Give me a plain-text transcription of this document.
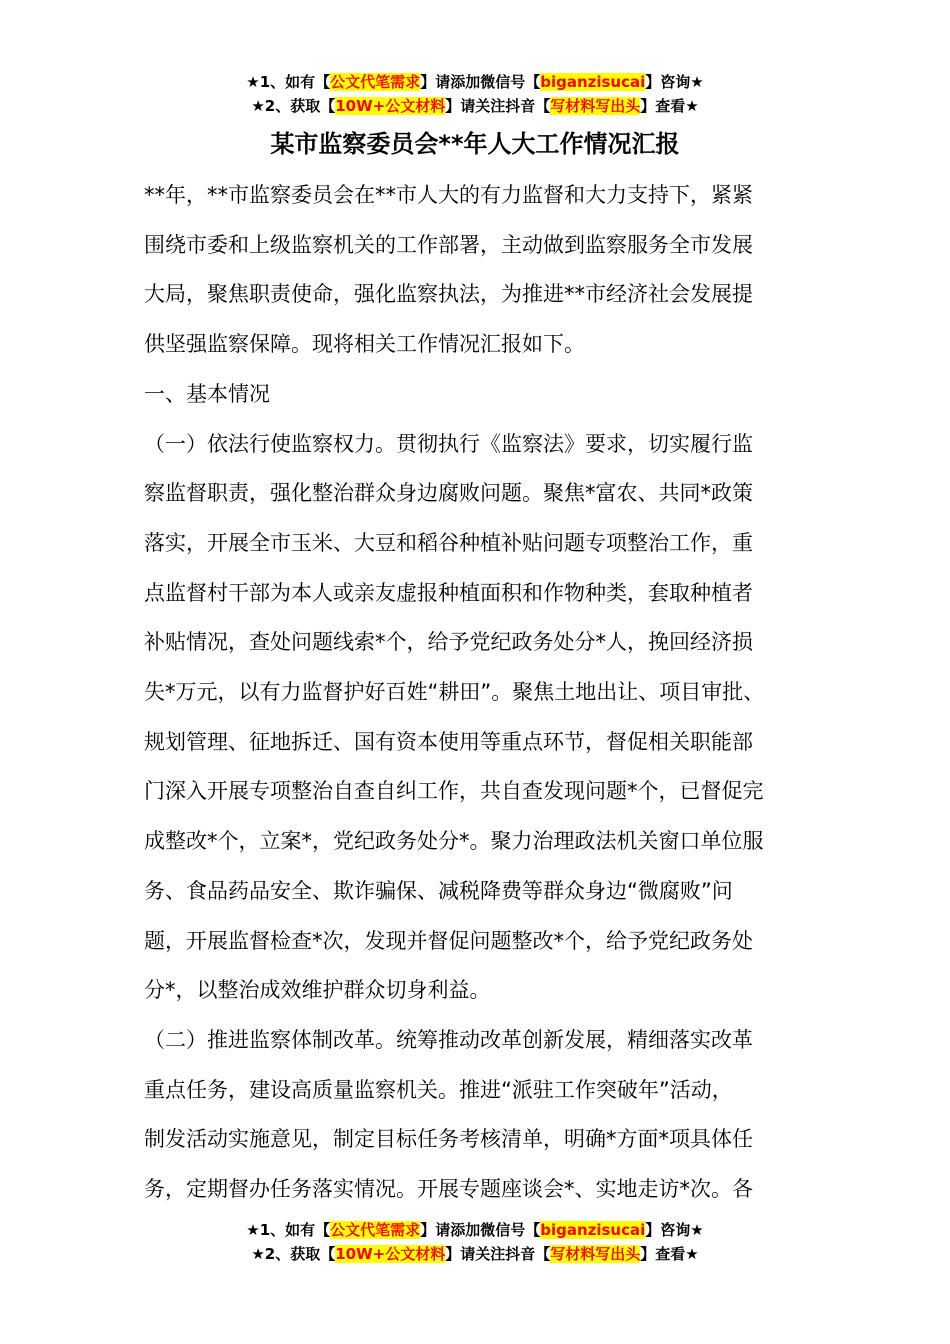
★1、如有【公文代笔需求】请添加微信号【biganzisucai】咨询★
★2、获取【10W+公文材料】请关注抖音【写材料写出头】查看★
某市监察委员会**年人大工作情况汇报

**年，**市监察委员会在**市人大的有力监督和大力支持下，紧紧

围绕市委和上级监察机关的工作部署，主动做到监察服务全市发展

大局，聚焦职责使命，强化监察执法，为推进**市经济社会发展提

供坚强监察保障。现将相关工作情况汇报如下。

一、基本情况

（一）依法行使监察权力。贯彻执行《监察法》要求，切实履行监

察监督职责，强化整治群众身边腐败问题。聚焦*富农、共同*政策

落实，开展全市玉米、大豆和稻谷种植补贴问题专项整治工作，重

点监督村干部为本人或亲友虚报种植面积和作物种类，套取种植者

补贴情况，查处问题线索*个，给予党纪政务处分*人，挽回经济损

失*万元，以有力监督护好百姓“耕田”。聚焦土地出让、项目审批、

规划管理、征地拆迁、国有资本使用等重点环节，督促相关职能部

门深入开展专项整治自查自纠工作，共自查发现问题*个，已督促完

成整改*个，立案*，党纪政务处分*。聚力治理政法机关窗口单位服

务、食品药品安全、欺诈骗保、减税降费等群众身边“微腐败”问

题，开展监督检查*次，发现并督促问题整改*个，给予党纪政务处

分*，以整治成效维护群众切身利益。

（二）推进监察体制改革。统筹推动改革创新发展，精细落实改革

重点任务，建设高质量监察机关。推进“派驻工作突破年”活动，

制发活动实施意见，制定目标任务考核清单，明确*方面*项具体任

务，定期督办任务落实情况。开展专题座谈会*、实地走访*次。各

★1、如有【公文代笔需求】请添加微信号【biganzisucai】咨询★
★2、获取【10W+公文材料】请关注抖音【写材料写出头】查看★
